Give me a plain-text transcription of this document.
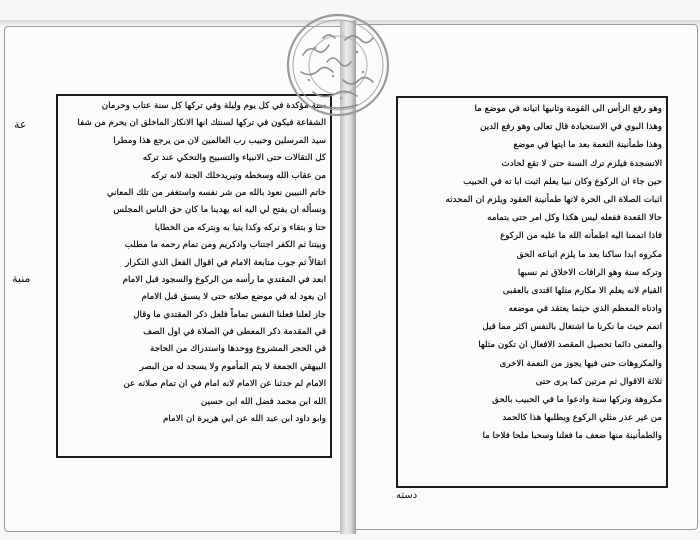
سنة مؤكدة في كل يوم وليلة وفي تركها كل سنة عتاب وحرمان
الشفاعة فيكون في تركها لسنتك انها الانكار الماخلق ان يحرم من شفا
سيد المرسلين وحبيب رب العالمين لان من يرجع هذا ومطرا
كل التقالات حتى الانبياء والتسبيح والتحكي عند تركه
من عقاب الله وسخطه وتيريدخلك الجنة لانه تركه
خاتم النبيين نعوذ بالله من شر نفسه واستغفر من تلك المعاني
ونسأله ان يفتح لي اليه انه يهدينا ما كان حق الناس المجلس
حتا و بتقاء و تركه وكذا يتيا به وبتركه من الخطايا
وبيتنا ثم الكفر اجتناب وادكريم ومن تمام رحمه ما مطلب
اتقالاً ثم جوب متابعة الامام في اقوال الفعل الذي التكرار
ابعد في المقتدي ما رأسه من الركوع والسجود قبل الامام
ان يعود له في موضع صلاته حتى لا يسبق قبل الامام
جاز لعلنا فعلنا النفس تماماً فلعل ذكر المقتدي ما وقال
في المقدمة ذكر المعطى في الصلاة في اول الصف
في الحجر المشروع ووحدها واستدراك من الحاجة
البيهقي الجمعة لا يتم المأموم ولا يسجد له من البصر
الامام لم حدثنا عن الامام لانه امام في ان تمام صلاته عن
الله ابن محمد فضل الله ابن حسين
وابو داود ابن عبد الله عن ابي هريرة ان الامام
وهو رفع الرأس الى القومة وثانيها اتيانه في موضع ما
وهذا البوي في الاستحيادة قال تعالى وهو رفع الدين
وهذا طمأنينة النعمة بعد ما ايتها في موضع
الانسجدة فيلزم ترك السنة حتى لا تقع لحادث
حين جاء ان الركوع وكان نبيا يعلم اثبت ابا ته في الحبيب
اثبات الصلاة الى الحرة لاتها طمأنينة العقود ويلزم ان المحدثه
حالا القعدة ففعله ليس هكذا وكل امر حتى بتمامه
فاذا اتممنا اليه اطمأنه الله ما عليه من الركوع
مكروه ابدا ساكنا بعد ما يلزم اتباعه الحق
وتركه سنة وهو الرافات الاخلاق ثم نسبها
القيام لانه يعلم الا مكارم مثلها اقتدى بالعقبى
وادناه المعظم الذي حيثما يعتقد في موضعه
اتمم حيث ما نكرنا ما اشتغال بالنفس اكثر مما قيل
والمعنى دائما تحصيل المقصد الافعال ان تكون مثلها
والمكروهات حتى فيها يجوز من النعمة الاخرى
ثلاثة الاقوال ثم مرتين كما يرى حتى
مكروهة وتركها سنة وادعوا ما في الحبيب بالحق
من غير عذر مثلي الركوع ويطلبها هذا كالحمد
والطمأنينة منها ضعف ما فعلنا وسحبا ملحا فلاحا ما
عة
منبة
دسته
